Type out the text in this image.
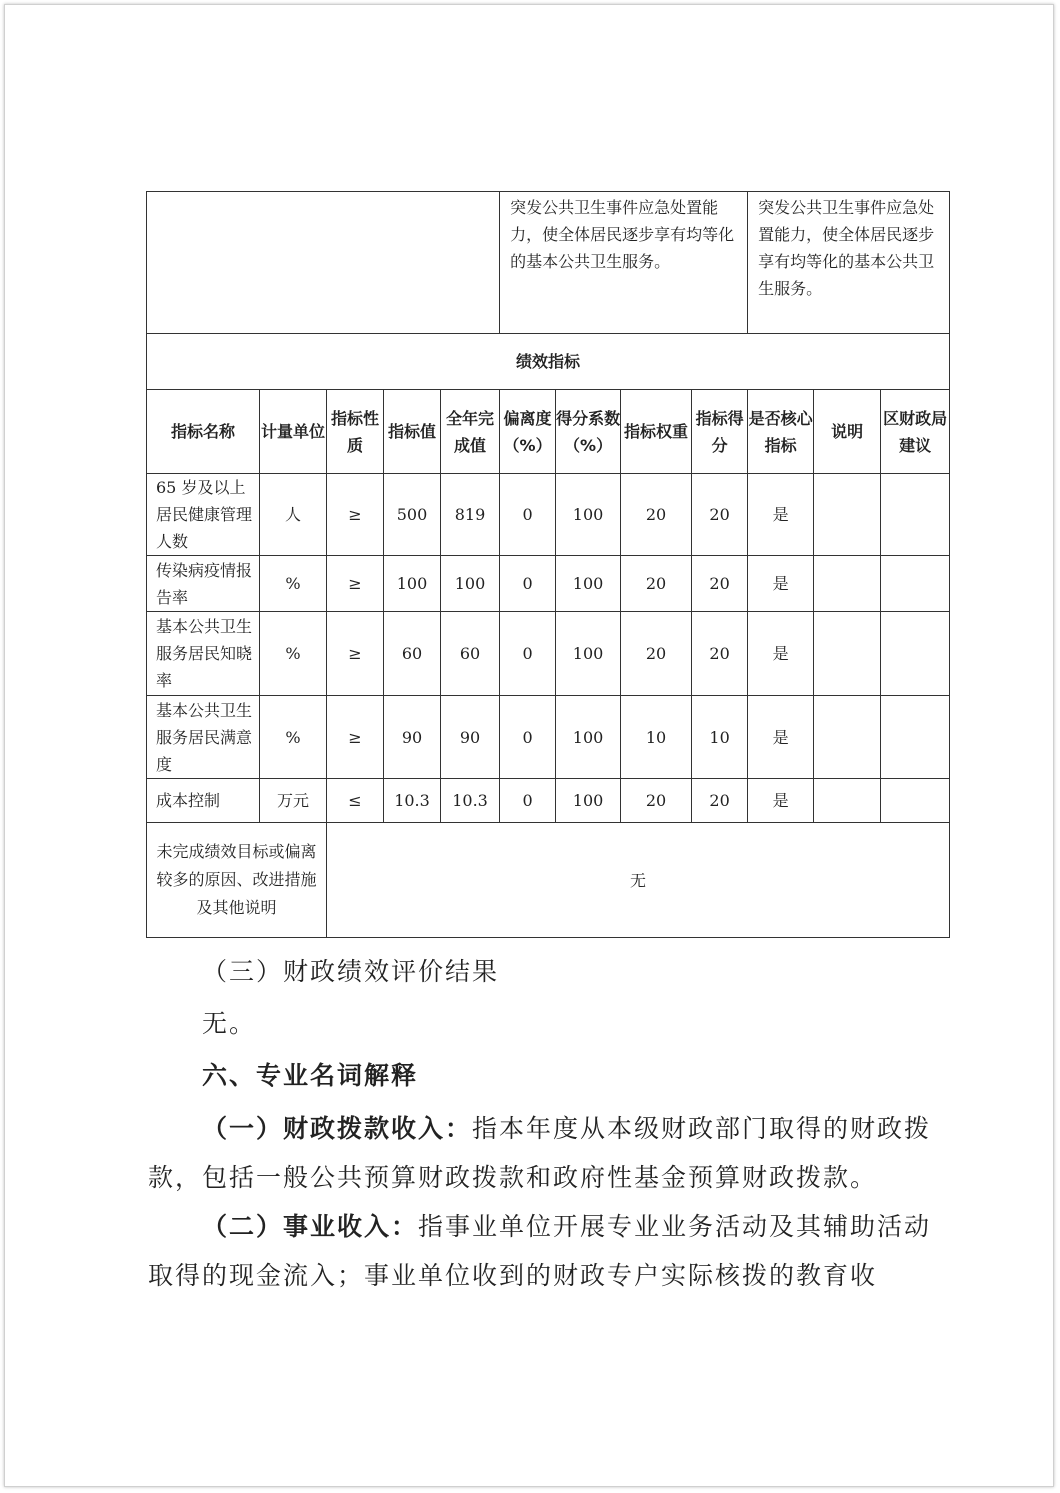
					突发公共卫生事件应急处置能力，使全体居民逐步享有均等化的基本公共卫生服务。				突发公共卫生事件应急处置能力，使全体居民逐步享有均等化的基本公共卫生服务。		
绩效指标											
指标名称	计量单位	指标性质	指标值	全年完成值	偏离度（%）	得分系数（%）	指标权重	指标得分	是否核心指标	说明	区财政局建议
65 岁及以上居民健康管理人数	人	≥	500	819	0	100	20	20	是		
传染病疫情报告率	%	≥	100	100	0	100	20	20	是		
基本公共卫生服务居民知晓率	%	≥	60	60	0	100	20	20	是		
基本公共卫生服务居民满意度	%	≥	90	90	0	100	10	10	是		
成本控制	万元	≤	10.3	10.3	0	100	20	20	是		
未完成绩效目标或偏离较多的原因、改进措施及其他说明		无									
（三）财政绩效评价结果
无。
六、专业名词解释
（一）财政拨款收入：指本年度从本级财政部门取得的财政拨款，包括一般公共预算财政拨款和政府性基金预算财政拨款。
（二）事业收入：指事业单位开展专业业务活动及其辅助活动取得的现金流入；事业单位收到的财政专户实际核拨的教育收
